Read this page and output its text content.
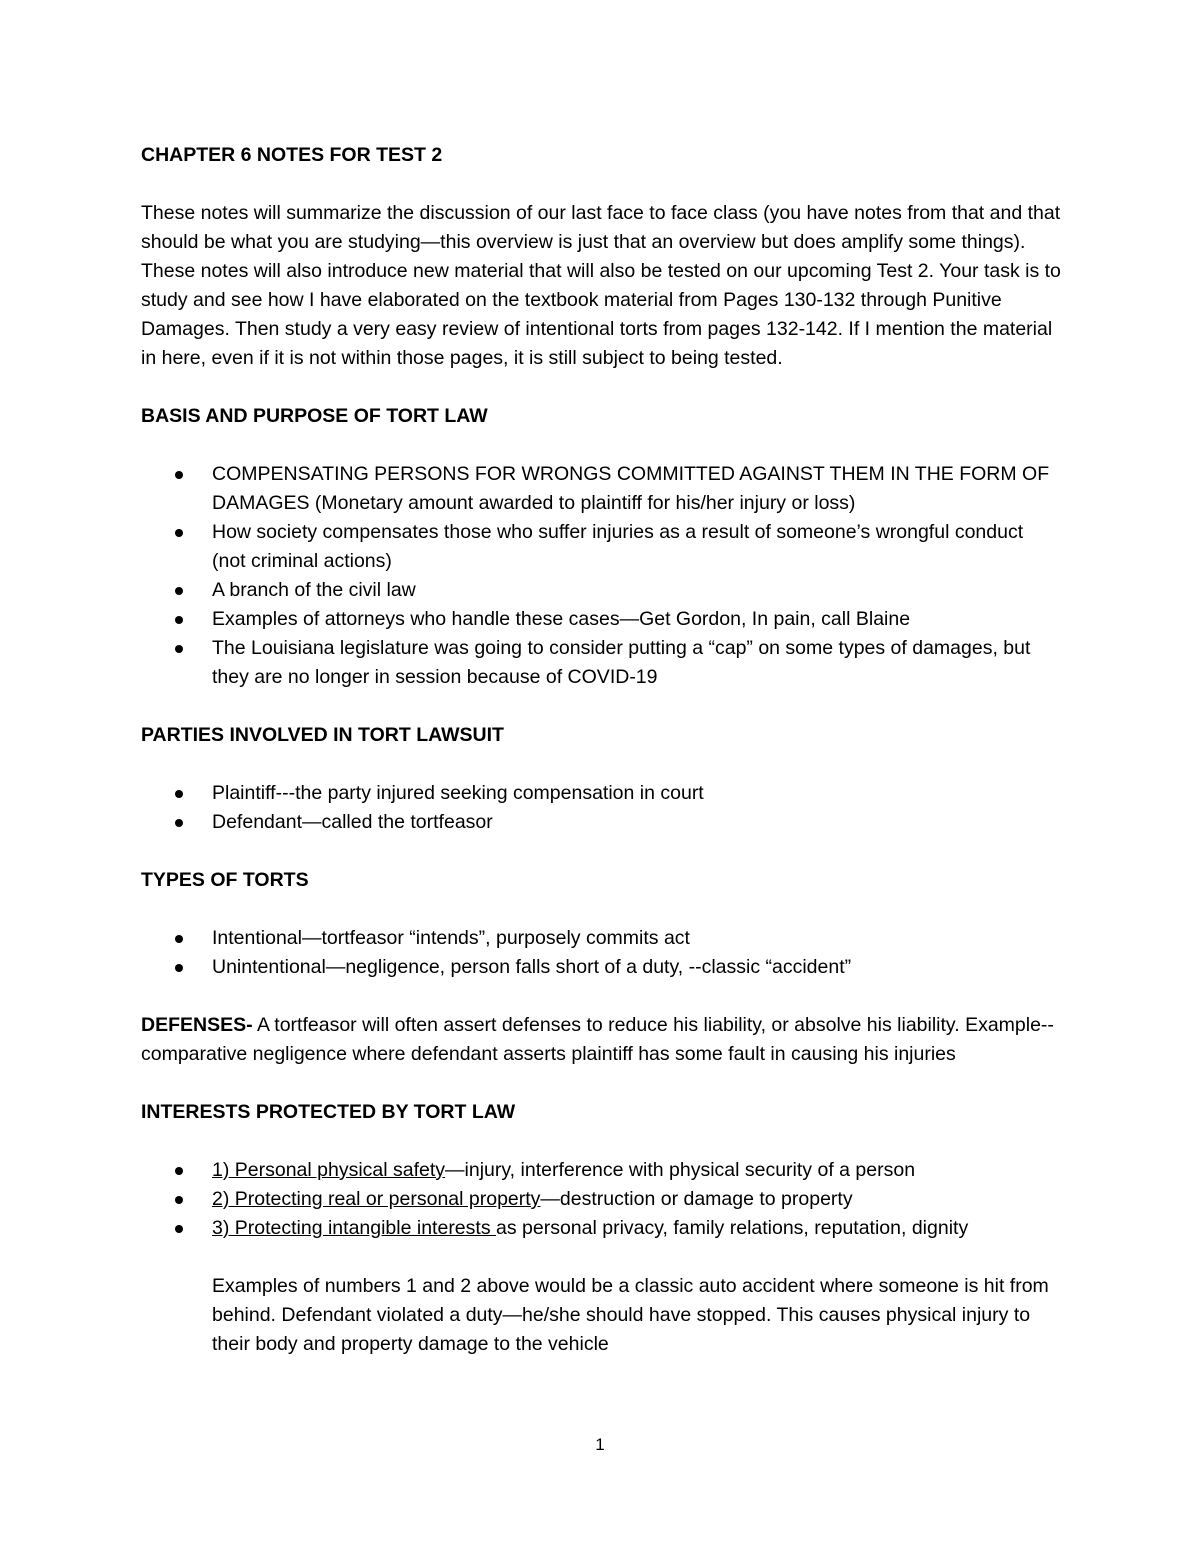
CHAPTER 6 NOTES FOR TEST 2

These notes will summarize the discussion of our last face to face class (you have notes from that and that should be what you are studying—this overview is just that an overview but does amplify some things). These notes will also introduce new material that will also be tested on our upcoming Test 2. Your task is to study and see how I have elaborated on the textbook material from Pages 130-132 through Punitive Damages. Then study a very easy review of intentional torts from pages 132-142. If I mention the material in here, even if it is not within those pages, it is still subject to being tested.

BASIS AND PURPOSE OF TORT LAW

COMPENSATING PERSONS FOR WRONGS COMMITTED AGAINST THEM IN THE FORM OF DAMAGES (Monetary amount awarded to plaintiff for his/her injury or loss)
How society compensates those who suffer injuries as a result of someone’s wrongful conduct (not criminal actions)
A branch of the civil law
Examples of attorneys who handle these cases—Get Gordon, In pain, call Blaine
The Louisiana legislature was going to consider putting a “cap” on some types of damages, but they are no longer in session because of COVID-19

PARTIES INVOLVED IN TORT LAWSUIT

Plaintiff---the party injured seeking compensation in court
Defendant—called the tortfeasor

TYPES OF TORTS

Intentional—tortfeasor “intends”, purposely commits act
Unintentional—negligence, person falls short of a duty, --classic “accident”

DEFENSES- A tortfeasor will often assert defenses to reduce his liability, or absolve his liability. Example--comparative negligence where defendant asserts plaintiff has some fault in causing his injuries

INTERESTS PROTECTED BY TORT LAW

1) Personal physical safety—injury, interference with physical security of a person
2) Protecting real or personal property—destruction or damage to property
3) Protecting intangible interests as personal privacy, family relations, reputation, dignity

Examples of numbers 1 and 2 above would be a classic auto accident where someone is hit from behind. Defendant violated a duty—he/she should have stopped. This causes physical injury to their body and property damage to the vehicle

1
